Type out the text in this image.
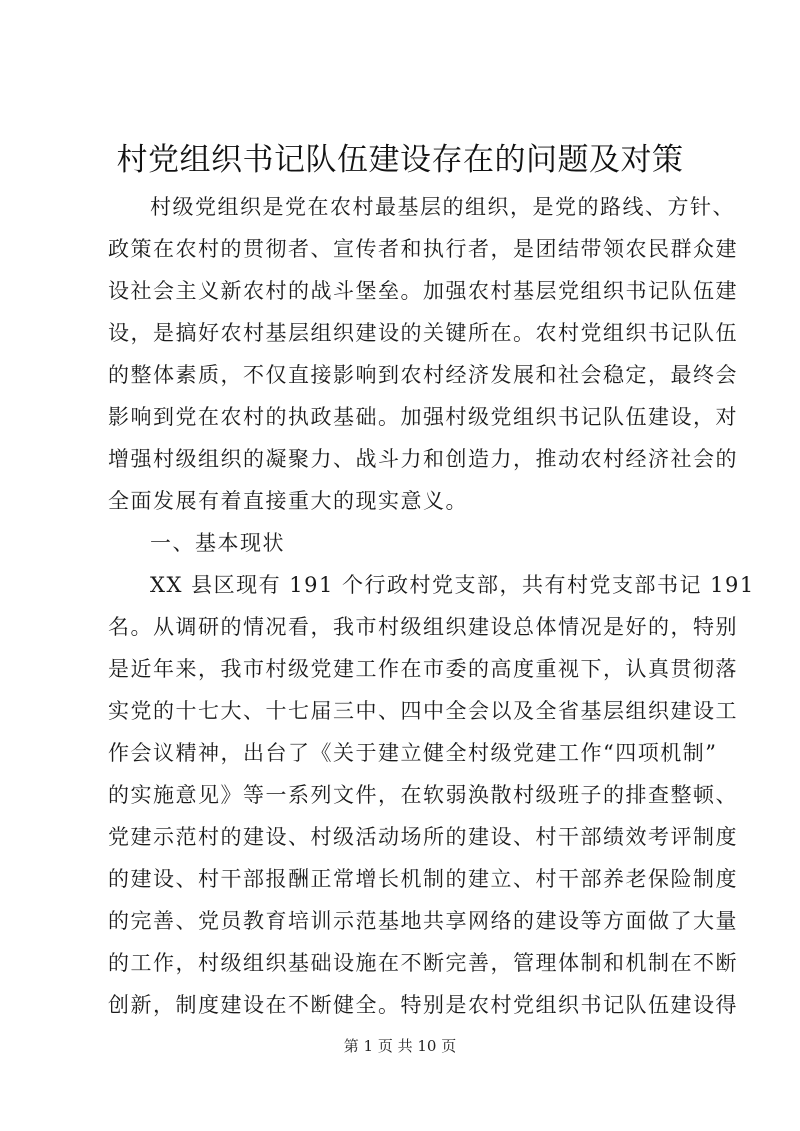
村党组织书记队伍建设存在的问题及对策
村级党组织是党在农村最基层的组织，是党的路线、方针、
政策在农村的贯彻者、宣传者和执行者，是团结带领农民群众建
设社会主义新农村的战斗堡垒。加强农村基层党组织书记队伍建
设，是搞好农村基层组织建设的关键所在。农村党组织书记队伍
的整体素质，不仅直接影响到农村经济发展和社会稳定，最终会
影响到党在农村的执政基础。加强村级党组织书记队伍建设，对
增强村级组织的凝聚力、战斗力和创造力，推动农村经济社会的
全面发展有着直接重大的现实意义。
一、基本现状
XX 县区现有 191 个行政村党支部，共有村党支部书记 191
名。从调研的情况看，我市村级组织建设总体情况是好的，特别
是近年来，我市村级党建工作在市委的高度重视下，认真贯彻落
实党的十七大、十七届三中、四中全会以及全省基层组织建设工
作会议精神，出台了《关于建立健全村级党建工作“四项机制”
的实施意见》等一系列文件，在软弱涣散村级班子的排查整顿、
党建示范村的建设、村级活动场所的建设、村干部绩效考评制度
的建设、村干部报酬正常增长机制的建立、村干部养老保险制度
的完善、党员教育培训示范基地共享网络的建设等方面做了大量
的工作，村级组织基础设施在不断完善，管理体制和机制在不断
创新，制度建设在不断健全。特别是农村党组织书记队伍建设得
第 1 页 共 10 页
